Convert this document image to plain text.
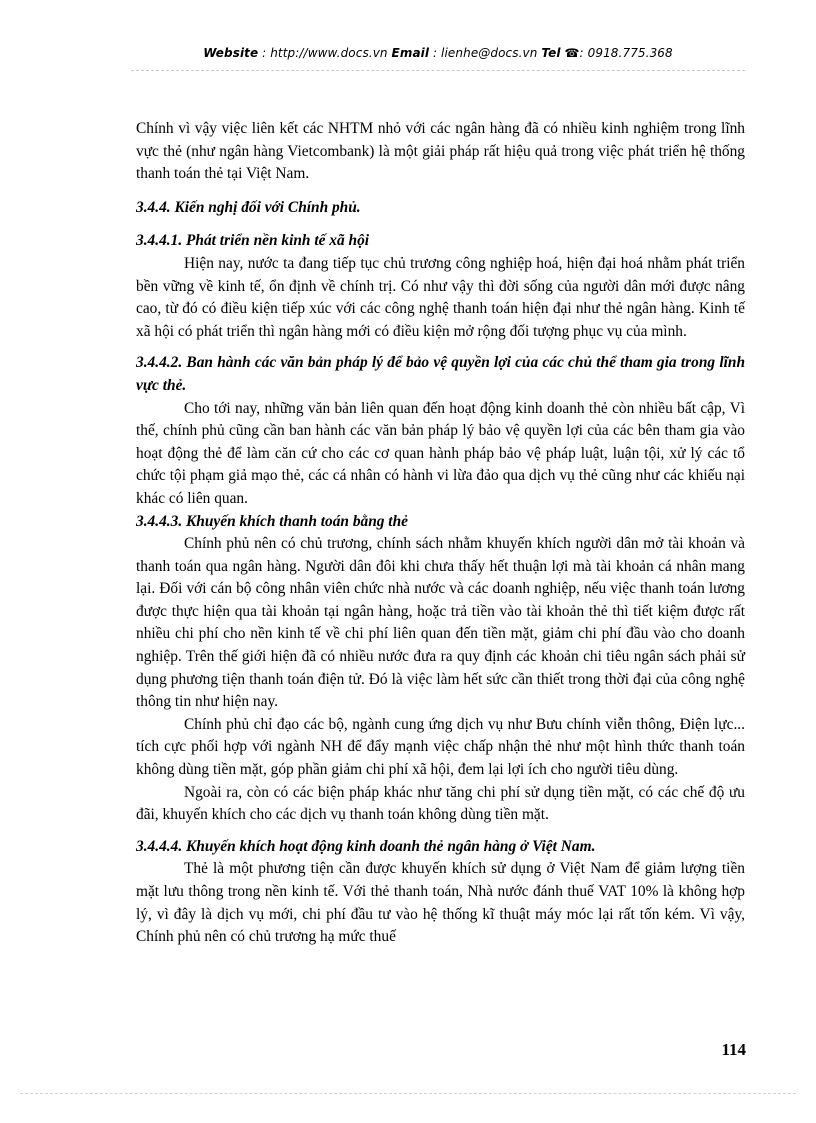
Website : http://www.docs.vn Email : lienhe@docs.vn Tel ☎: 0918.775.368

Chính vì vậy việc liên kết các NHTM nhỏ với các ngân hàng đã có nhiều kinh nghiệm trong lĩnh vực thẻ (như ngân hàng Vietcombank) là một giải pháp rất hiệu quả trong việc phát triển hệ thống thanh toán thẻ tại Việt Nam.

3.4.4. Kiến nghị đối với Chính phủ.
3.4.4.1. Phát triển nền kinh tế xã hội

Hiện nay, nước ta đang tiếp tục chủ trương công nghiệp hoá, hiện đại hoá nhằm phát triển bền vững về kinh tế, ổn định về chính trị. Có như vậy thì đời sống của người dân mới được nâng cao, từ đó có điều kiện tiếp xúc với các công nghệ thanh toán hiện đại như thẻ ngân hàng. Kinh tế xã hội có phát triển thì ngân hàng mới có điều kiện mở rộng đối tượng phục vụ của mình.

3.4.4.2. Ban hành các văn bản pháp lý để bảo vệ quyền lợi của các chủ thể tham gia trong lĩnh vực thẻ.

Cho tới nay, những văn bản liên quan đến hoạt động kinh doanh thẻ còn nhiều bất cập, Vì thế, chính phủ cũng cần ban hành các văn bản pháp lý bảo vệ quyền lợi của các bên tham gia vào hoạt động thẻ để làm căn cứ cho các cơ quan hành pháp bảo vệ pháp luật, luận tội, xử lý các tổ chức tội phạm giả mạo thẻ, các cá nhân có hành vi lừa đảo qua dịch vụ thẻ cũng như các khiếu nại khác có liên quan.

3.4.4.3. Khuyến khích thanh toán bằng thẻ

Chính phủ nên có chủ trương, chính sách nhằm khuyến khích người dân mở tài khoản và thanh toán qua ngân hàng. Người dân đôi khi chưa thấy hết thuận lợi mà tài khoản cá nhân mang lại. Đối với cán bộ công nhân viên chức nhà nước và các doanh nghiệp, nếu việc thanh toán lương được thực hiện qua tài khoản tại ngân hàng, hoặc trả tiền vào tài khoản thẻ thì tiết kiệm được rất nhiều chi phí cho nền kinh tế về chi phí liên quan đến tiền mặt, giảm chi phí đầu vào cho doanh nghiệp. Trên thế giới hiện đã có nhiều nước đưa ra quy định các khoản chi tiêu ngân sách phải sử dụng phương tiện thanh toán điện tử. Đó là việc làm hết sức cần thiết trong thời đại của công nghệ thông tin như hiện nay.

Chính phủ chỉ đạo các bộ, ngành cung ứng dịch vụ như Bưu chính viễn thông, Điện lực... tích cực phối hợp với ngành NH để đẩy mạnh việc chấp nhận thẻ như một hình thức thanh toán không dùng tiền mặt, góp phần giảm chi phí xã hội, đem lại lợi ích cho người tiêu dùng.

Ngoài ra, còn có các biện pháp khác như tăng chi phí sử dụng tiền mặt, có các chế độ ưu đãi, khuyến khích cho các dịch vụ thanh toán không dùng tiền mặt.

3.4.4.4. Khuyến khích hoạt động kinh doanh thẻ ngân hàng ở Việt Nam.

Thẻ là một phương tiện cần được khuyến khích sử dụng ở Việt Nam để giảm lượng tiền mặt lưu thông trong nền kinh tế. Với thẻ thanh toán, Nhà nước đánh thuế VAT 10% là không hợp lý, vì đây là dịch vụ mới, chi phí đầu tư vào hệ thống kĩ thuật máy móc lại rất tốn kém. Vì vậy, Chính phủ nên có chủ trương hạ mức thuế

114
